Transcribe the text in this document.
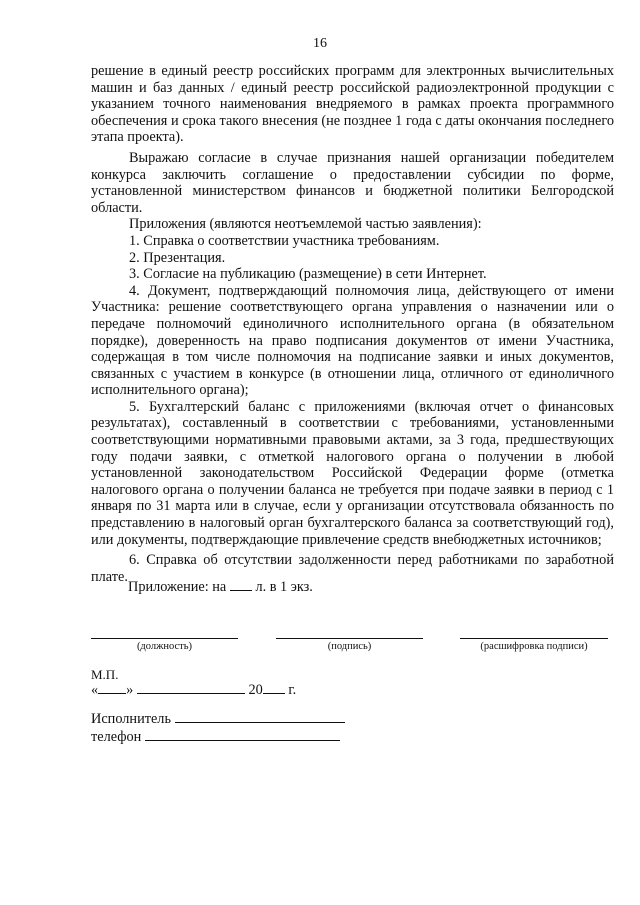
16

решение в единый реестр российских программ для электронных вычислительных машин и баз данных / единый реестр российской радиоэлектронной продукции с указанием точного наименования внедряемого в рамках проекта программного обеспечения и срока такого внесения (не позднее 1 года с даты окончания последнего этапа проекта).

Выражаю согласие в случае признания нашей организации победителем конкурса заключить соглашение о предоставлении субсидии по форме, установленной министерством финансов и бюджетной политики Белгородской области.

Приложения (являются неотъемлемой частью заявления):

1. Справка о соответствии участника требованиям.

2. Презентация.

3. Согласие на публикацию (размещение) в сети Интернет.

4. Документ, подтверждающий полномочия лица, действующего от имени Участника: решение соответствующего органа управления о назначении или о передаче полномочий единоличного исполнительного органа (в обязательном порядке), доверенность на право подписания документов от имени Участника, содержащая в том числе полномочия на подписание заявки и иных документов, связанных с участием в конкурсе (в отношении лица, отличного от единоличного исполнительного органа);

5. Бухгалтерский баланс с приложениями (включая отчет о финансовых результатах), составленный в соответствии с требованиями, установленными соответствующими нормативными правовыми актами, за 3 года, предшествующих году подачи заявки, с отметкой налогового органа о получении в любой установленной законодательством Российской Федерации форме (отметка налогового органа о получении баланса не требуется при подаче заявки в период с 1 января по 31 марта или в случае, если у организации отсутствовала обязанность по представлению в налоговый орган бухгалтерского баланса за соответствующий год), или документы, подтверждающие привлечение средств внебюджетных источников;

6. Справка об отсутствии задолженности перед работниками по заработной плате.

Приложение: на л. в 1 экз.
(должность)	(подпись)	(расшифровка подписи)
М.П.
« »	20 г.
Исполнитель
телефон
